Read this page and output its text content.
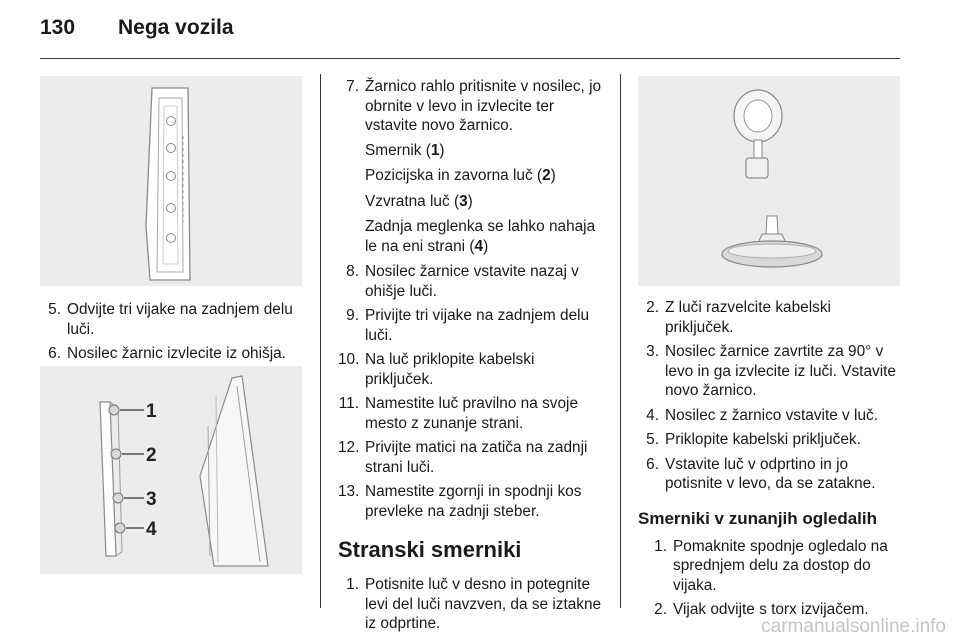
130 Nega vozila
5. Odvijte tri vijake na zadnjem delu luči.
6. Nosilec žarnic izvlecite iz ohišja.
1
2
3
4
7. Žarnico rahlo pritisnite v nosilec, jo obrnite v levo in izvlecite ter vstavite novo žarnico.
Smernik (1)
Pozicijska in zavorna luč (2)
Vzvratna luč (3)
Zadnja meglenka se lahko nahaja le na eni strani (4)
8. Nosilec žarnice vstavite nazaj v ohišje luči.
9. Privijte tri vijake na zadnjem delu luči.
10. Na luč priklopite kabelski priključek.
11. Namestite luč pravilno na svoje mesto z zunanje strani.
12. Privijte matici na zatiča na zadnji strani luči.
13. Namestite zgornji in spodnji kos prevleke na zadnji steber.
Stranski smerniki
1. Potisnite luč v desno in potegnite levi del luči navzven, da se iztakne iz odprtine.
2. Z luči razvelcite kabelski priključek.
3. Nosilec žarnice zavrtite za 90° v levo in ga izvlecite iz luči. Vstavite novo žarnico.
4. Nosilec z žarnico vstavite v luč.
5. Priklopite kabelski priključek.
6. Vstavite luč v odprtino in jo potisnite v levo, da se zatakne.
Smerniki v zunanjih ogledalih
1. Pomaknite spodnje ogledalo na sprednjem delu za dostop do vijaka.
2. Vijak odvijte s torx izvijačem.
carmanualsonline.info
